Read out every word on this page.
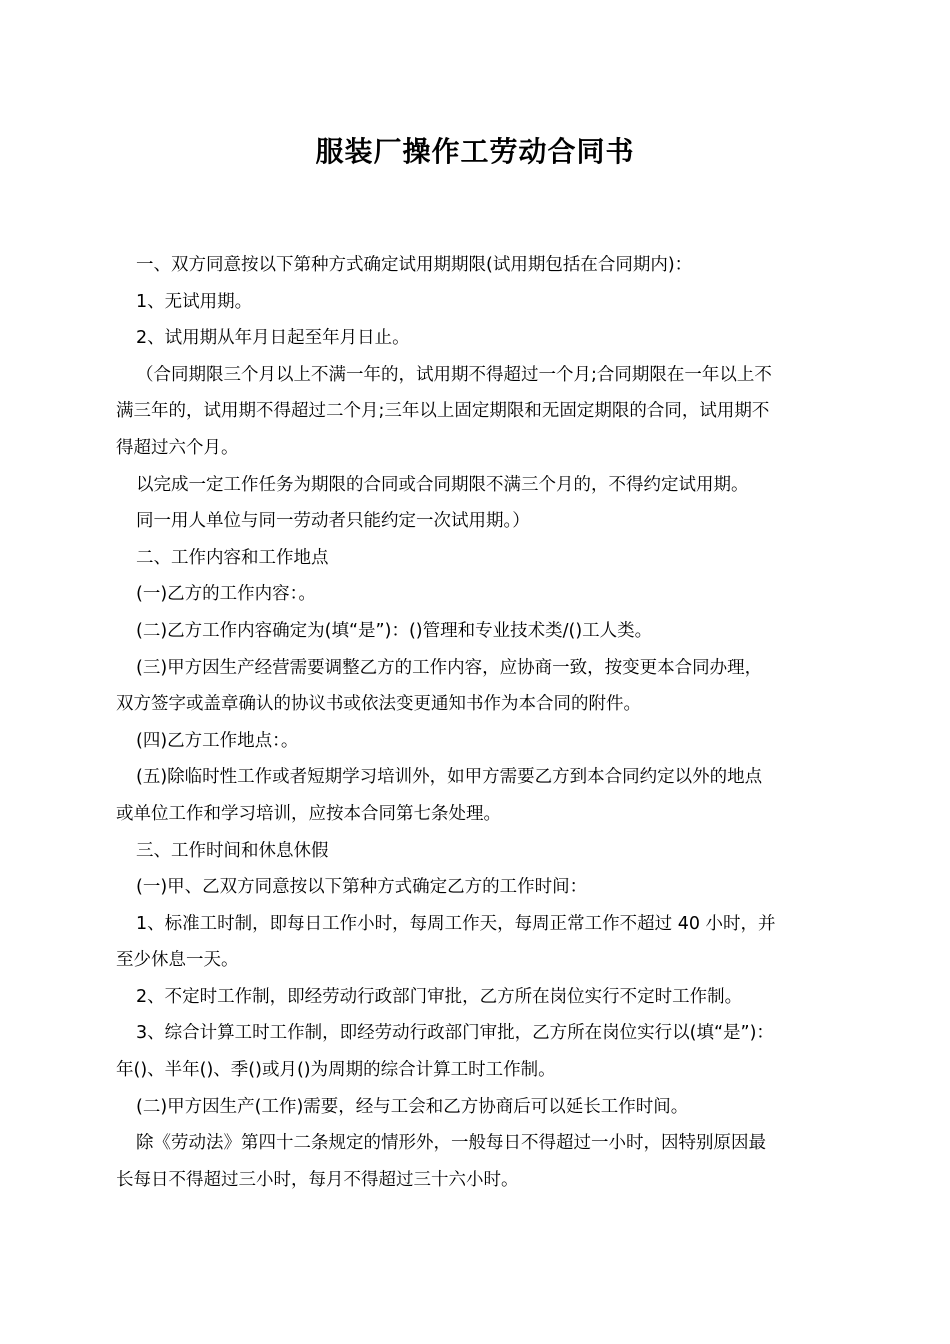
服装厂操作工劳动合同书

一、双方同意按以下第种方式确定试用期期限(试用期包括在合同期内)：

1、无试用期。

2、试用期从年月日起至年月日止。

（合同期限三个月以上不满一年的，试用期不得超过一个月;合同期限在一年以上不

满三年的，试用期不得超过二个月;三年以上固定期限和无固定期限的合同，试用期不

得超过六个月。

以完成一定工作任务为期限的合同或合同期限不满三个月的，不得约定试用期。

同一用人单位与同一劳动者只能约定一次试用期。）

二、工作内容和工作地点

(一)乙方的工作内容：。

(二)乙方工作内容确定为(填“是”)：()管理和专业技术类/()工人类。

(三)甲方因生产经营需要调整乙方的工作内容，应协商一致，按变更本合同办理，

双方签字或盖章确认的协议书或依法变更通知书作为本合同的附件。

(四)乙方工作地点：。

(五)除临时性工作或者短期学习培训外，如甲方需要乙方到本合同约定以外的地点

或单位工作和学习培训，应按本合同第七条处理。

三、工作时间和休息休假

(一)甲、乙双方同意按以下第种方式确定乙方的工作时间：

1、标准工时制，即每日工作小时，每周工作天，每周正常工作不超过 40 小时，并

至少休息一天。

2、不定时工作制，即经劳动行政部门审批，乙方所在岗位实行不定时工作制。

3、综合计算工时工作制，即经劳动行政部门审批，乙方所在岗位实行以(填“是”)：

年()、半年()、季()或月()为周期的综合计算工时工作制。

(二)甲方因生产(工作)需要，经与工会和乙方协商后可以延长工作时间。

除《劳动法》第四十二条规定的情形外，一般每日不得超过一小时，因特别原因最

长每日不得超过三小时，每月不得超过三十六小时。
